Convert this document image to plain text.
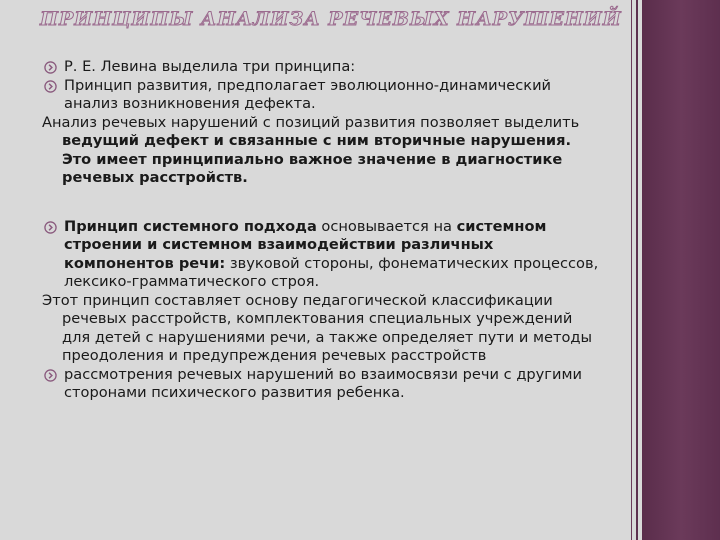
ПРИНЦИПЫ АНАЛИЗА РЕЧЕВЫХ НАРУШЕНИЙ

Р. Е. Левина выделила три принципа:

Принцип развития, предполагает эволюционно-динамический анализ возникновения дефекта.

Анализ речевых нарушений с позиций развития позволяет выделить ведущий дефект и связанные с ним вторичные нарушения. Это имеет принципиально важное значение в диагностике речевых расстройств.

Принцип системного подхода основывается на системном строении и системном взаимодействии различных компонентов речи: звуковой стороны, фонематических процессов, лексико-грамматического строя.

Этот принцип составляет основу педагогической классификации речевых расстройств, комплектования специальных учреждений для детей с нарушениями речи, а также определяет пути и методы преодоления и предупреждения речевых расстройств

рассмотрения речевых нарушений во взаимосвязи речи с другими сторонами психического развития ребенка.
